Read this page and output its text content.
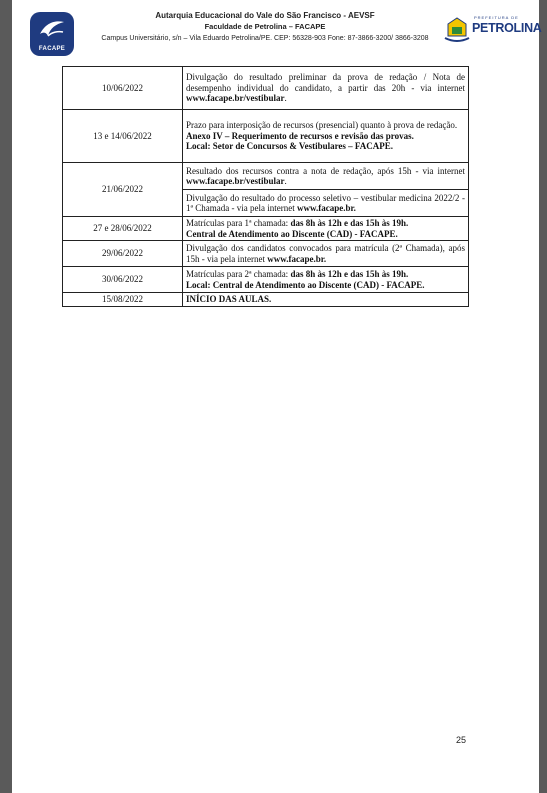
FACAPE
Autarquia Educacional do Vale do São Francisco - AEVSF
Faculdade de Petrolina – FACAPE
Campus Universitário, s/n – Vila Eduardo Petrolina/PE. CEP: 56328-903 Fone: 87-3866-3200/ 3866-3208
PREFEITURA DE
PETROLINA
10/06/2022	Divulgação do resultado preliminar da prova de redação / Nota de desempenho individual do candidato, a partir das 20h - via internet www.facape.br/vestibular.
13 e 14/06/2022	Prazo para interposição de recursos (presencial) quanto à prova de redação.
Anexo IV – Requerimento de recursos e revisão das provas.
Local: Setor de Concursos & Vestibulares – FACAPE.
21/06/2022	Resultado dos recursos contra a nota de redação, após 15h - via internet www.facape.br/vestibular.
	Divulgação do resultado do processo seletivo – vestibular medicina 2022/2 - 1ª Chamada - via pela internet www.facape.br.
27 e 28/06/2022	Matrículas para 1ª chamada: das 8h às 12h e das 15h às 19h.
Central de Atendimento ao Discente (CAD) - FACAPE.
29/06/2022	Divulgação dos candidatos convocados para matrícula (2ª Chamada), após 15h - via pela internet www.facape.br.
30/06/2022	Matrículas para 2ª chamada: das 8h às 12h e das 15h às 19h.
Local: Central de Atendimento ao Discente (CAD) - FACAPE.
15/08/2022	INÍCIO DAS AULAS.
25
